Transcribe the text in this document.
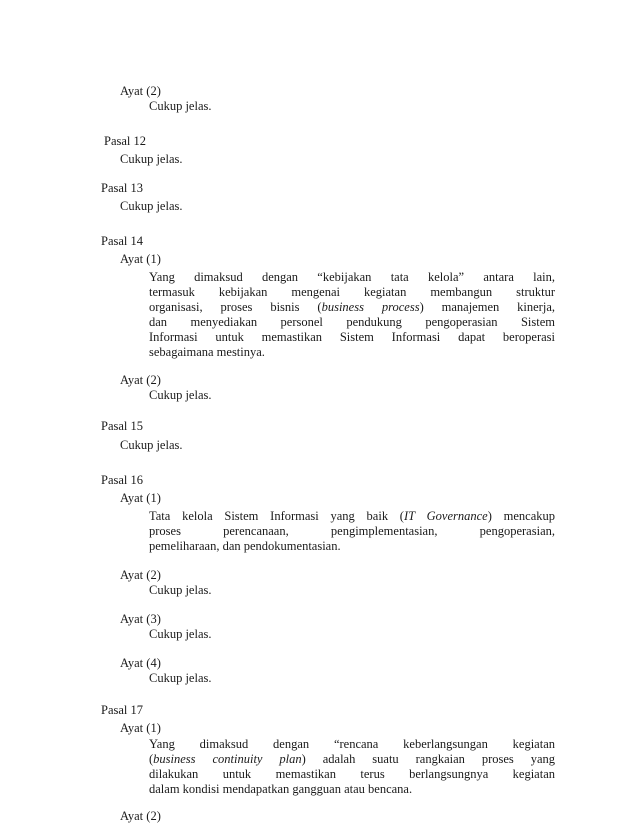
Ayat (2)
Cukup jelas.
Pasal 12
Cukup jelas.
Pasal 13
Cukup jelas.
Pasal 14
Ayat (1)
Yang dimaksud dengan “kebijakan tata kelola” antara lain,
termasuk kebijakan mengenai kegiatan membangun struktur
organisasi, proses bisnis (business process) manajemen kinerja,
dan menyediakan personel pendukung pengoperasian Sistem
Informasi untuk memastikan Sistem Informasi dapat beroperasi
sebagaimana mestinya.
Ayat (2)
Cukup jelas.
Pasal 15
Cukup jelas.
Pasal 16
Ayat (1)
Tata kelola Sistem Informasi yang baik (IT Governance) mencakup
proses perencanaan, pengimplementasian, pengoperasian,
pemeliharaan, dan pendokumentasian.
Ayat (2)
Cukup jelas.
Ayat (3)
Cukup jelas.
Ayat (4)
Cukup jelas.
Pasal 17
Ayat (1)
Yang dimaksud dengan “rencana keberlangsungan kegiatan
(business continuity plan) adalah suatu rangkaian proses yang
dilakukan untuk memastikan terus berlangsungnya kegiatan
dalam kondisi mendapatkan gangguan atau bencana.
Ayat (2)
